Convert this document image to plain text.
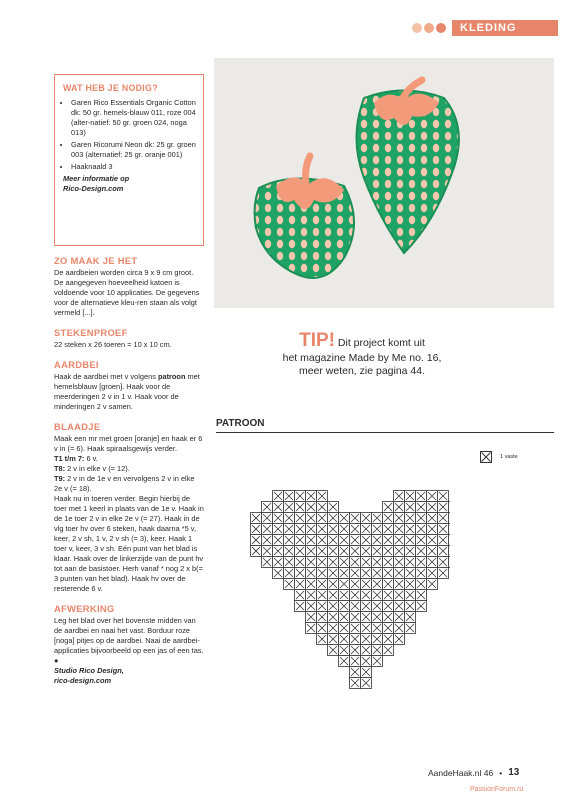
KLEDING
WAT HEB JE NODIG?
• Garen Rico Essentials Organic Cotton dk: 50 gr. hemels-blauw 011, roze 004 (alter-natief: 50 gr. groen 024, noga 013)
• Garen Ricorumi Neon dk: 25 gr. groen 003 (alternatief: 25 gr. oranje 001)
• Haaknaald 3
Meer informatie op
Rico-Design.com
ZO MAAK JE HET

De aardbeien worden circa 9 x 9 cm groot. De aangegeven hoeveelheid katoen is voldoende voor 10 applicaties. De gegevens voor de alternatieve kleu-ren staan als volgt vermeld [...].

STEKENPROEF

22 steken x 26 toeren = 10 x 10 cm.

AARDBEI

Haak de aardbei met v volgens patroon met hemelsblauw [groen]. Haak voor de meerderingen 2 v in 1 v. Haak voor de minderingen 2 v samen.

BLAADJE

Maak een mr met groen [oranje] en haak er 6 v in (= 6). Haak spiraalsgewijs verder.

T1 t/m 7: 6 v.

T8: 2 v in elke v (= 12).

T9: 2 v in de 1e v en vervolgens 2 v in elke 2e v (= 18).

Haak nu in toeren verder. Begin hierbij de toer met 1 keerl in plaats van de 1e v. Haak in de 1e toer 2 v in elke 2e v (= 27). Haak in de vlg toer hv over 6 steken, haak daarna *5 v, keer, 2 v sh, 1 v, 2 v sh (= 3), keer. Haak 1 toer v, keer, 3 v sh. Eén punt van het blad is klaar. Haak over de linkerzijde van de punt hv tot aan de basistoer. Herh vanaf * nog 2 x b(= 3 punten van het blad). Haak hv over de resterende 6 v.

AFWERKING

Leg het blad over het bovenste midden van de aardbei en naai het vast. Borduur roze [noga] pitjes op de aardbei. Naai de aardbei-applicaties bijvoorbeeld op een jas of een tas. ●

Studio Rico Design,
rico-design.com
TIP! Dit project komt uit
het magazine Made by Me no. 16,
meer weten, zie pagina 44.
PATROON
1 vaste
AandeHaak.nl 46 • 13
PassionForum.ru
